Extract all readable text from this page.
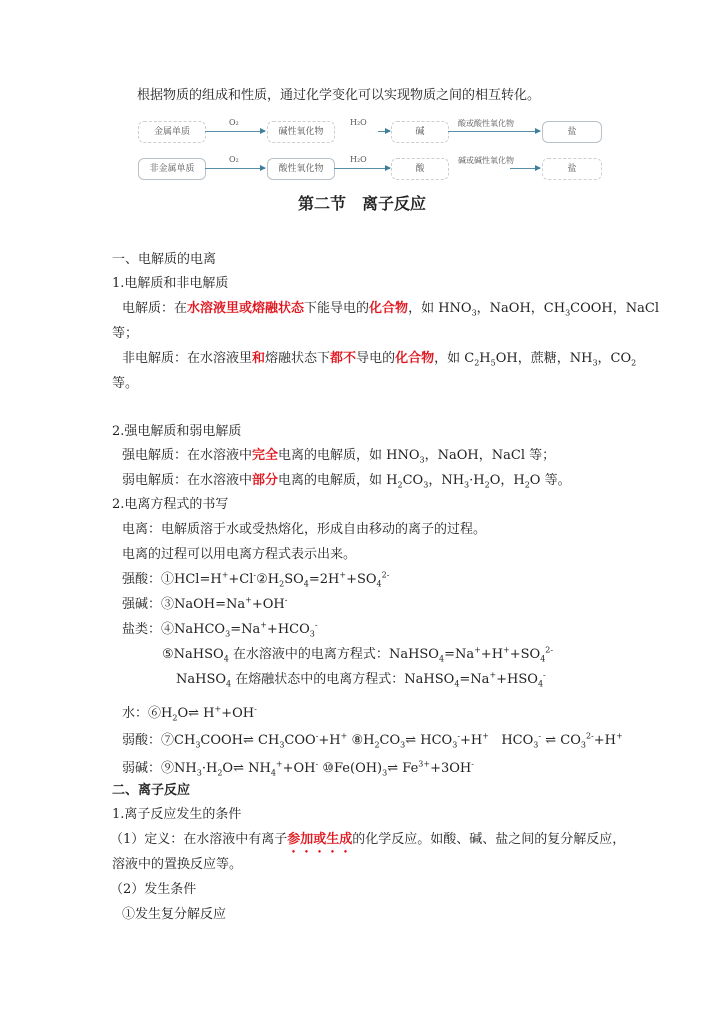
根据物质的组成和性质，通过化学变化可以实现物质之间的相互转化。
金属单质
O₂
碱性氧化物
H₂O
碱
酸或酸性氧化物
盐
非金属单质
O₂
酸性氧化物
H₂O
酸
碱或碱性氧化物
盐
第二节　离子反应
一、电解质的电离
1.电解质和非电解质
电解质：在水溶液里或熔融状态下能导电的化合物，如 $HNO_3$，NaOH，$CH_3COOH$，NaCl
等；
非电解质：在水溶液里和熔融状态下都不导电的化合物，如 $C_2H_5OH$，蔗糖，$NH_3$，$CO_2$
等。
2.强电解质和弱电解质
强电解质：在水溶液中完全电离的电解质，如 $HNO_3$，NaOH，NaCl 等；
弱电解质：在水溶液中部分电离的电解质，如 $H_2CO_3$，$NH_3\cdot H_2O$，$H_2O$ 等。
2.电离方程式的书写
电离：电解质溶于水或受热熔化，形成自由移动的离子的过程。
电离的过程可以用电离方程式表示出来。
强酸：$①HCl=H^++Cl^-②H_2SO_4=2H^++SO_4^{2-}$
强碱：③NaOH=Na++OH-
盐类：$④NaHCO_3=Na^++HCO_3^-$
⑤NaHSO$_4$ 在水溶液中的电离方程式：$NaHSO_4=Na^++H^++SO_4^{2-}$
NaHSO$_4$ 在熔融状态中的电离方程式：$NaHSO_4=Na^++HSO_4^-$
水：$⑥H_2O\rightleftharpoons$ H++OH-
弱酸：$⑦CH_3COOH\rightleftharpoons$ $CH_3COO^-+H^+$ $⑧H_2CO_3\rightleftharpoons$ $HCO_3^-+H^+$   $HCO_3^-$ ⇌ $CO_3^{2-}+H^+$
弱碱：$⑨NH_3\cdot H_2O\rightleftharpoons$ $NH_4^++OH^-$ $⑩Fe(OH)_3\rightleftharpoons$ $Fe^{3+}+3OH^-$
二、离子反应
1.离子反应发生的条件
（1）定义：在水溶液中有离子参加或生成的化学反应。如酸、碱、盐之间的复分解反应，
溶液中的置换反应等。
（2）发生条件
①发生复分解反应
